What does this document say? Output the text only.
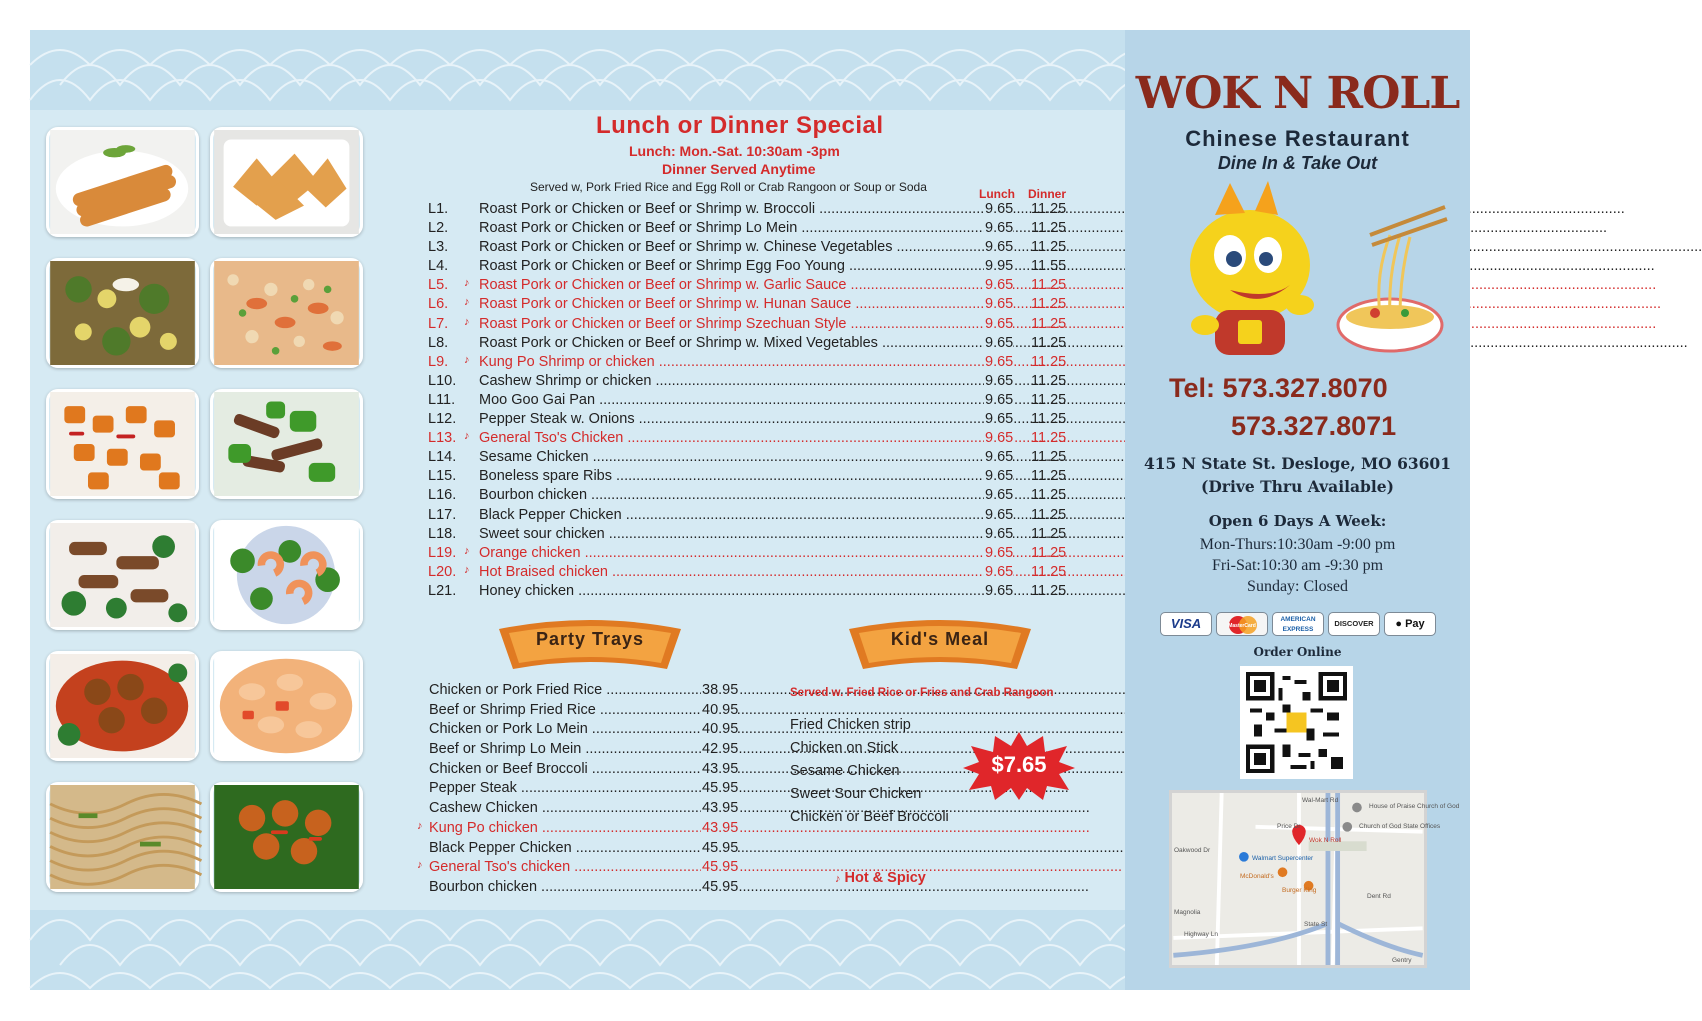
Lunch or Dinner Special
Lunch: Mon.-Sat. 10:30am -3pm
Dinner Served Anytime
Served w, Pork Fried Rice and Egg Roll or Crab Rangoon or Soup or Soda	Lunch Dinner
L1. Roast Pork or Chicken or Beef or Shrimp w. Broccoli .....	9.65 11.25
L2. Roast Pork or Chicken or Beef or Shrimp Lo Mein .....	9.65 11.25
L3. Roast Pork or Chicken or Beef or Shrimp w. Chinese Vegetables .....	9.65 11.25
L4. Roast Pork or Chicken or Beef or Shrimp Egg Foo Young .....	9.95 11.55
L5. ♪ Roast Pork or Chicken or Beef or Shrimp w. Garlic Sauce .....	9.65 11.25
L6. ♪ Roast Pork or Chicken or Beef or Shrimp w. Hunan Sauce .....	9.65 11.25
L7. ♪ Roast Pork or Chicken or Beef or Shrimp Szechuan Style .....	9.65 11.25
L8. Roast Pork or Chicken or Beef or Shrimp w. Mixed Vegetables .....	9.65 11.25
L9. ♪ Kung Po Shrimp or chicken .....	9.65 11.25
L10. Cashew Shrimp or chicken .....	9.65 11.25
L11. Moo Goo Gai Pan .....	9.65 11.25
L12. Pepper Steak w. Onions .....	9.65 11.25
L13. ♪ General Tso's Chicken .....	9.65 11.25
L14. Sesame Chicken .....	9.65 11.25
L15. Boneless spare Ribs .....	9.65 11.25
L16. Bourbon chicken .....	9.65 11.25
L17. Black Pepper Chicken .....	9.65 11.25
L18. Sweet sour chicken .....	9.65 11.25
L19. ♪ Orange chicken .....	9.65 11.25
L20. ♪ Hot Braised chicken .....	9.65 11.25
L21. Honey chicken .....	9.65 11.25
Party Trays
Chicken or Pork Fried Rice .....	38.95
Beef or Shrimp Fried Rice .....	40.95
Chicken or Pork Lo Mein .....	40.95
Beef or Shrimp Lo Mein .....	42.95
Chicken or Beef Broccoli .....	43.95
Pepper Steak .....	45.95
Cashew Chicken .....	43.95
♪ Kung Po chicken .....	43.95
Black Pepper Chicken .....	45.95
♪ General Tso's chicken .....	45.95
Bourbon chicken .....	45.95
Kid's Meal
Served w. Fried Rice or Fries and Crab Rangoon
Fried Chicken strip
Chicken on Stick
Sesame Chicken
Sweet Sour Chicken
Chicken or Beef Broccoli
$7.65
♪ Hot & Spicy
WOK N ROLL
Chinese Restaurant
Dine In & Take Out
Tel: 573.327.8070
573.327.8071
415 N State St. Desloge, MO 63601
(Drive Thru Available)
Open 6 Days A Week:
Mon-Thurs:10:30am -9:00 pm
Fri-Sat:10:30 am -9:30 pm
Sunday: Closed
VISA	MasterCard
AMERICAN EXPRESS
DISCOVER	● Pay
Order Online
House of Praise Church of God
Church of God State Offices
Wok N Roll
Walmart Supercenter
McDonald's
Burger King
Price Dr
Highway Ln
Wal-Mart Rd
State St
Oakwood Dr
Dent Rd
Magnolia
Gentry
